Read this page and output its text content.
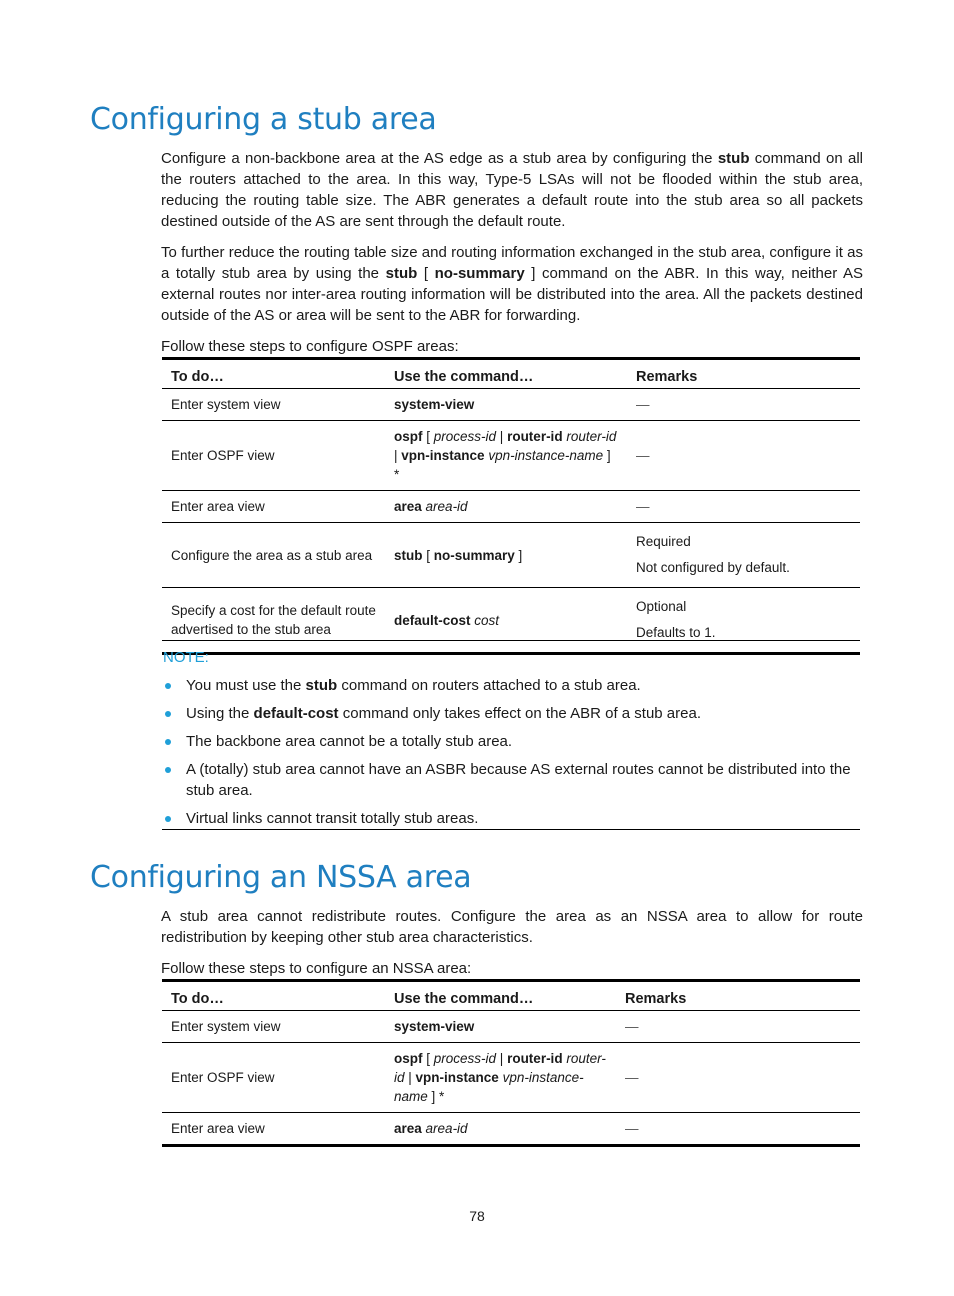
Configuring a stub area

Configure a non-backbone area at the AS edge as a stub area by configuring the stub command on all the routers attached to the area. In this way, Type-5 LSAs will not be flooded within the stub area, reducing the routing table size. The ABR generates a default route into the stub area so all packets destined outside of the AS are sent through the default route.

To further reduce the routing table size and routing information exchanged in the stub area, configure it as a totally stub area by using the stub [ no-summary ] command on the ABR. In this way, neither AS external routes nor inter-area routing information will be distributed into the area. All the packets destined outside of the AS or area will be sent to the ABR for forwarding.

Follow these steps to configure OSPF areas:

To do…	Use the command…	Remarks
Enter system view	system-view	—
Enter OSPF view	ospf [ process-id | router-id router-id | vpn-instance vpn-instance-name ] *	—
Enter area view	area area-id	—
Configure the area as a stub area	stub [ no-summary ]	Required
Not configured by default.

Specify a cost for the default route advertised to the stub area	default-cost cost	Optional
Defaults to 1.
NOTE:
You must use the stub command on routers attached to a stub area.
Using the default-cost command only takes effect on the ABR of a stub area.
The backbone area cannot be a totally stub area.
A (totally) stub area cannot have an ASBR because AS external routes cannot be distributed into the stub area.
Virtual links cannot transit totally stub areas.
Configuring an NSSA area

A stub area cannot redistribute routes. Configure the area as an NSSA area to allow for route redistribution by keeping other stub area characteristics.

Follow these steps to configure an NSSA area:

To do…	Use the command…	Remarks
Enter system view	system-view	—
Enter OSPF view	ospf [ process-id | router-id router-id | vpn-instance vpn-instance-name ] *	—
Enter area view	area area-id	—
78
